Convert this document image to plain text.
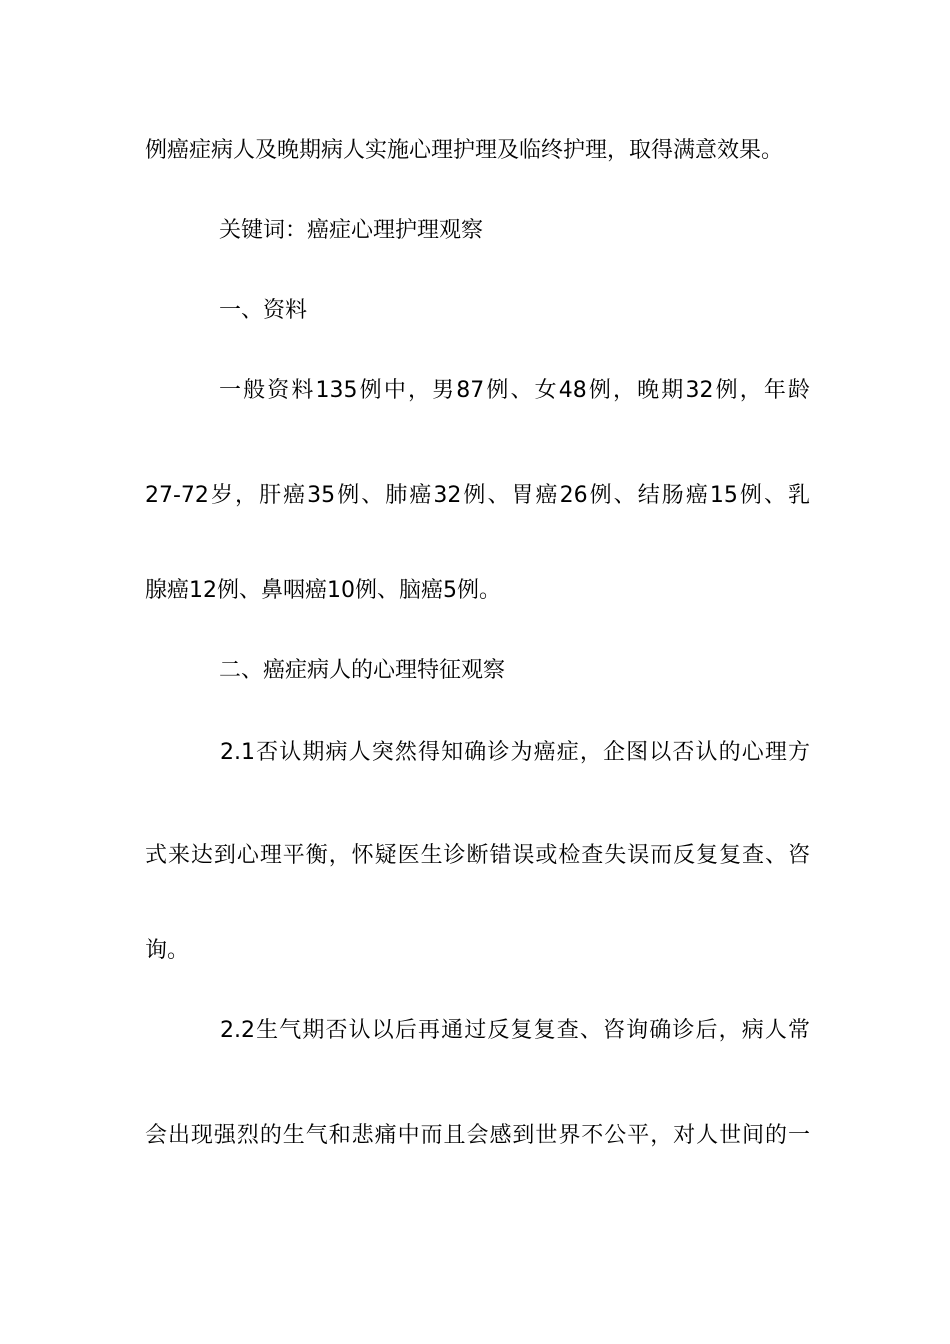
例癌症病人及晚期病人实施心理护理及临终护理，取得满意效果。
关键词：癌症心理护理观察
一、资料
一般资料135例中，男87例、女48例，晚期32例，年龄
27-72岁，肝癌35例、肺癌32例、胃癌26例、结肠癌15例、乳
腺癌12例、鼻咽癌10例、脑癌5例。
二、癌症病人的心理特征观察
2.1否认期病人突然得知确诊为癌症，企图以否认的心理方
式来达到心理平衡，怀疑医生诊断错误或检查失误而反复复查、咨
询。
2.2生气期否认以后再通过反复复查、咨询确诊后，病人常
会出现强烈的生气和悲痛中而且会感到世界不公平，对人世间的一
